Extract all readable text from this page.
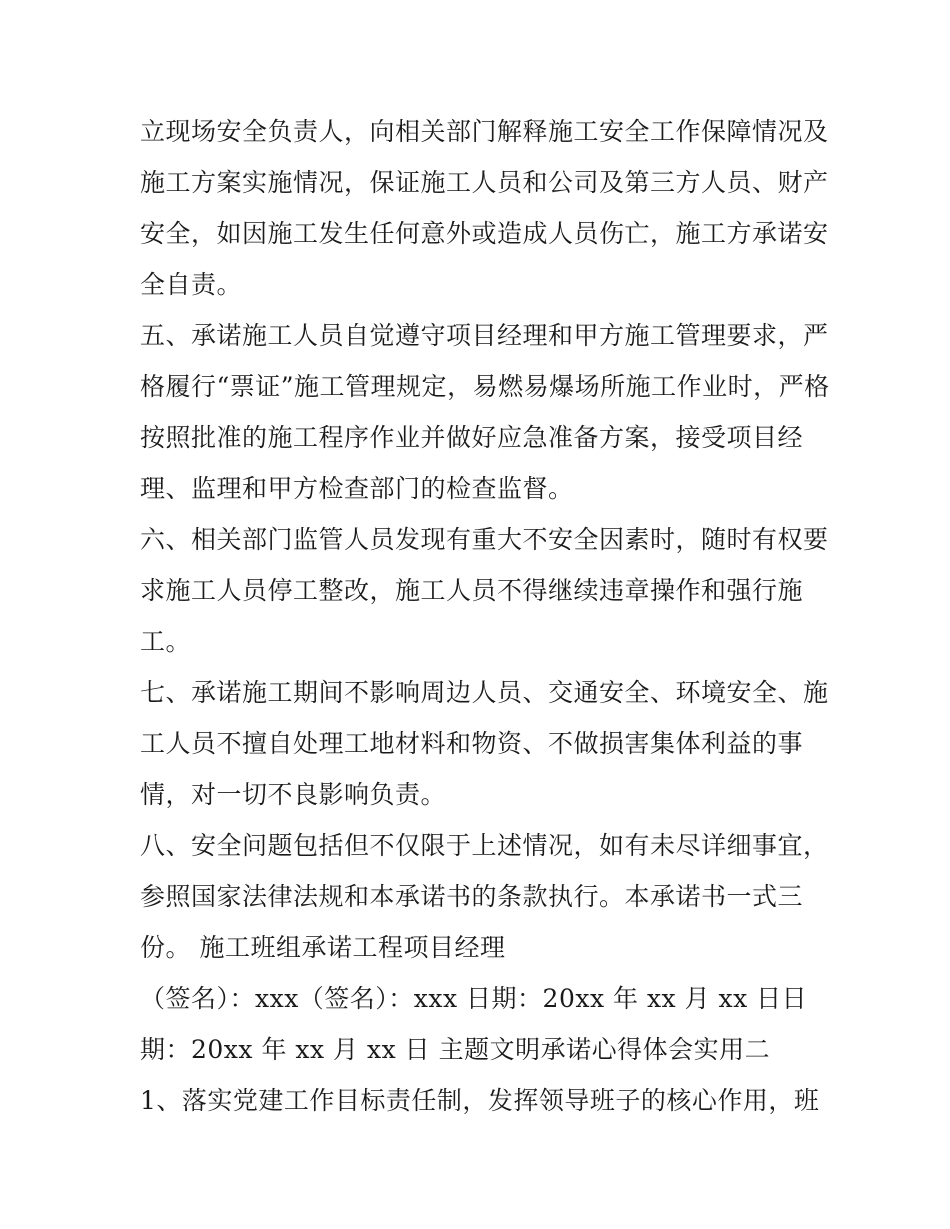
立现场安全负责人，向相关部门解释施工安全工作保障情况及
施工方案实施情况，保证施工人员和公司及第三方人员、财产
安全，如因施工发生任何意外或造成人员伤亡，施工方承诺安
全自责。
五、承诺施工人员自觉遵守项目经理和甲方施工管理要求，严
格履行“票证”施工管理规定，易燃易爆场所施工作业时，严格
按照批准的施工程序作业并做好应急准备方案，接受项目经
理、监理和甲方检查部门的检查监督。
六、相关部门监管人员发现有重大不安全因素时，随时有权要
求施工人员停工整改，施工人员不得继续违章操作和强行施
工。
七、承诺施工期间不影响周边人员、交通安全、环境安全、施
工人员不擅自处理工地材料和物资、不做损害集体利益的事
情，对一切不良影响负责。
八、安全问题包括但不仅限于上述情况，如有未尽详细事宜，
参照国家法律法规和本承诺书的条款执行。本承诺书一式三
份。 施工班组承诺工程项目经理
（签名）：xxx（签名）：xxx 日期：20xx 年 xx 月 xx 日日
期：20xx 年 xx 月 xx 日 主题文明承诺心得体会实用二
1、落实党建工作目标责任制，发挥领导班子的核心作用，班
